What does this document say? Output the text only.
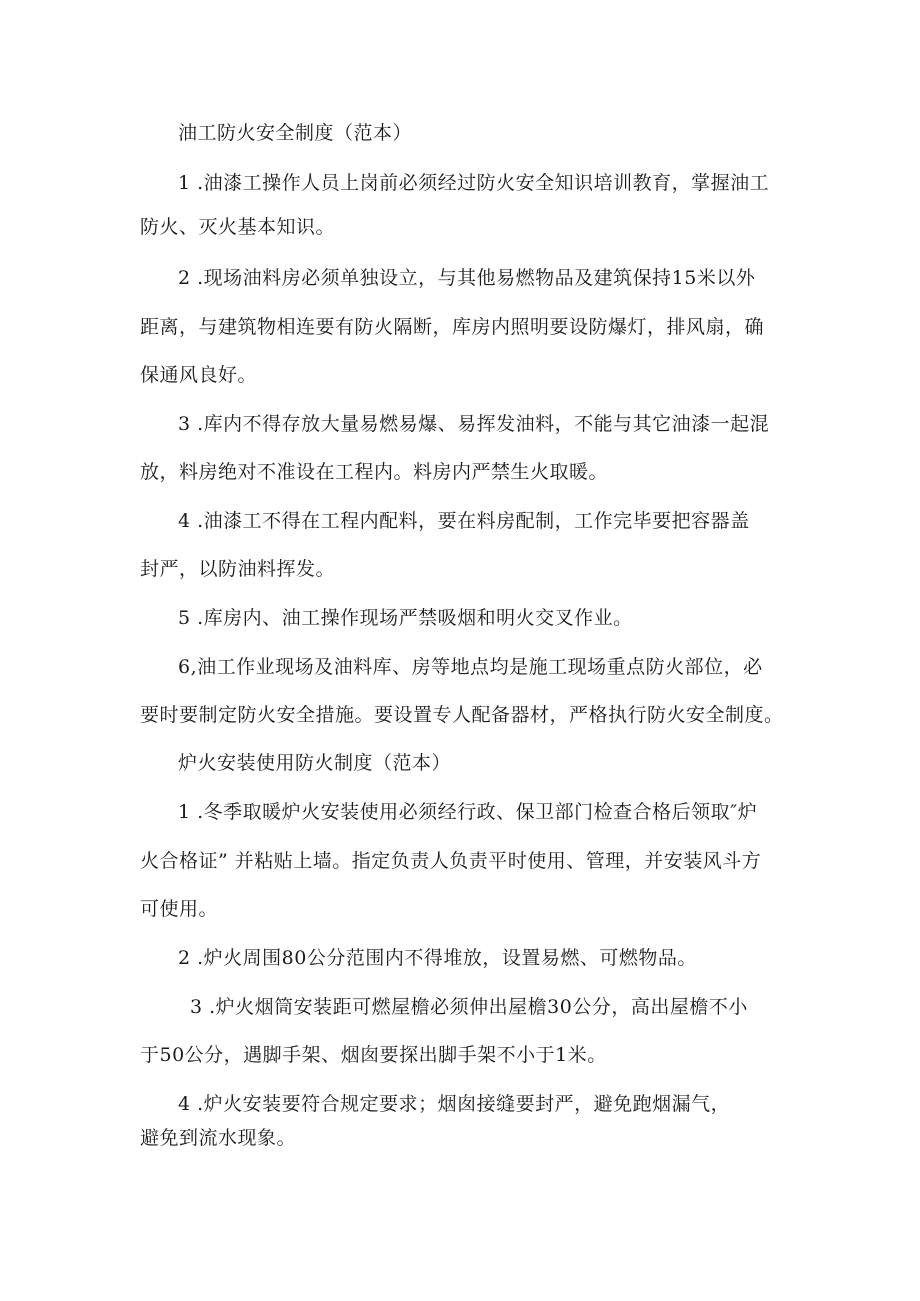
油工防火安全制度（范本）
1 .油漆工操作人员上岗前必须经过防火安全知识培训教育，掌握油工
防火、灭火基本知识。
2 .现场油料房必须单独设立，与其他易燃物品及建筑保持15米以外
距离，与建筑物相连要有防火隔断，库房内照明要设防爆灯，排风扇，确
保通风良好。
3 .库内不得存放大量易燃易爆、易挥发油料，不能与其它油漆一起混
放，料房绝对不准设在工程内。料房内严禁生火取暖。
4 .油漆工不得在工程内配料，要在料房配制，工作完毕要把容器盖
封严，以防油料挥发。
5 .库房内、油工操作现场严禁吸烟和明火交叉作业。
6,油工作业现场及油料库、房等地点均是施工现场重点防火部位，必
要时要制定防火安全措施。要设置专人配备器材，严格执行防火安全制度。
炉火安装使用防火制度（范本）
1 .冬季取暖炉火安装使用必须经行政、保卫部门检查合格后领取″炉
火合格证” 并粘贴上墙。指定负责人负责平时使用、管理，并安装风斗方
可使用。
2 .炉火周围80公分范围内不得堆放，设置易燃、可燃物品。
3 .炉火烟筒安装距可燃屋檐必须伸出屋檐30公分，高出屋檐不小
于50公分，遇脚手架、烟囱要探出脚手架不小于1米。
4 .炉火安装要符合规定要求；烟囱接缝要封严，避免跑烟漏气，
避免到流水现象。
